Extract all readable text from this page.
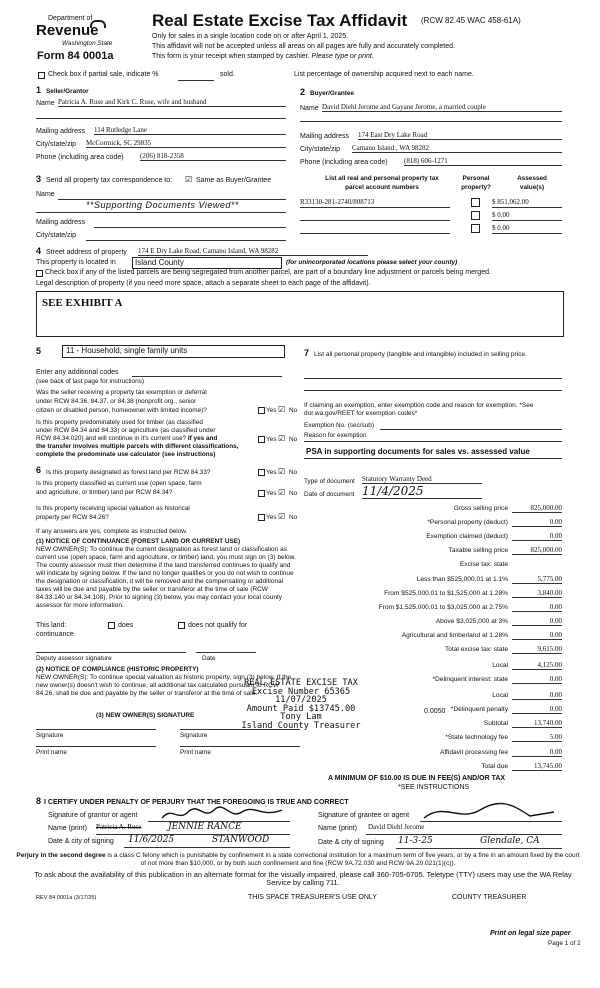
Department of
Revenue
Washington State
Form 84 0001a
Real Estate Excise Tax Affidavit (RCW 82.45 WAC 458-61A)
Only for sales in a single location code on or after April 1, 2025.
This affidavit will not be accepted unless all areas on all pages are fully and accurately completed.
This form is your receipt when stamped by cashier. Please type or print.
Check box if partial sale, indicate %	sold.	List percentage of ownership acquired next to each name.
1 Seller/Grantor
Name Patricia A. Ruse and Kirk C. Ruse, wife and husband
Mailing address 114 Rutledge Lane
City/state/zip McCormick, SC 29835
Phone (including area code) (206) 818-2358
2 Buyer/Grantee
Name David Diehl Jerome and Gayane Jerome, a married couple
Mailing address 174 East Dry Lake Road
City/state/zip Camano Island , WA 98282
Phone (including area code) (818) 606-1271
3 Send all property tax correspondence to: ☑ Same as Buyer/Grantee
Name
**Supporting Documents Viewed**
Mailing address
City/state/zip
List all real and personal property tax
parcel account numbers
Personal
property?
Assessed
value(s)
R33130-281-2740/808713	$ 851,062.00
$ 0.00
$ 0.00
4 Street address of property 174 E Dry Lake Road, Camano Island, WA 98282
This property is located in	Island County	(for unincorporated locations please select your county)
Check box if any of the listed parcels are being segregated from another parcel, are part of a boundary line adjustment or parcels being merged.
Legal description of property (if you need more space, attach a separate sheet to each page of the affidavit).
SEE EXHIBIT A
5	11 - Household, single family units
Enter any additional codes
(see back of last page for instructions)
Was the seller receiving a property tax exemption or deferral
under RCW 84.36, 84.37, or 84.38 (nonprofit org., senior
citizen or disabled person, homeowner with limited income)?	Yes ☑ No
Is this property predominately used for timber (as classified
under RCW 84.34 and 84.33) or agriculture (as classified under
RCW 84.34.020) and will continue in it's current use? If yes and
the transfer involves multiple parcels with different classifications,
complete the predominate use calculator (see instructions)
Yes ☑ No
6 Is this property designated as forest land per RCW 84.33?	Yes ☑ No
Is this property classified as current use (open space, farm
and agriculture, or timber) land per RCW 84.34?	Yes ☑ No
Is this property receiving special valuation as historical
property per RCW 84.26?	Yes ☑ No
If any answers are yes, complete as instructed below.
(1) NOTICE OF CONTINUANCE (FOREST LAND OR CURRENT USE)
NEW OWNER(S): To continue the current designation as forest land or classification as current use (open space, farm and agriculture, or timber) land, you must sign on (3) below. The county assessor must then determine if the land transferred continues to qualify and will indicate by signing below. If the land no longer qualifies or you do not wish to continue the designation or classification, it will be removed and the compensating or additional taxes will be due and payable by the seller or transferor at the time of sale (RCW 84.33.140 or 84.34.108). Prior to signing (3) below, you may contact your local county assessor for more information.
This land:	does	does not qualify for
continuance
Deputy assessor signature	Date
(2) NOTICE OF COMPLIANCE (HISTORIC PROPERTY)
NEW OWNER(S): To continue special valuation as historic property, sign (3) below. If the new owner(s) doesn't wish to continue, all additional tax calculated pursuant to RCW 84.26, shall be due and payable by the seller or transferor at the time of sale.
(3) NEW OWNER(S) SIGNATURE
Signature	Signature
Print name	Print name
7 List all personal property (tangible and intangible) included in selling price.
If claiming an exemption, enter exemption code and reason for exemption. *See dor.wa.gov/REET for exemption codes*
Exemption No. (sec/sub)
Reason for exemption
PSA in supporting documents for sales vs. assessed value
Type of document Statutory Warranty Deed
Date of document 11/4/2025
Gross selling price	825,000.00
*Personal property (deduct)	0.00
Exemption claimed (deduct)	0.00
Taxable selling price	825,000.00
Excise tax: state
Less than $525,000.01 at 1.1%	5,775.00
From $525,000.01 to $1,525,000 at 1.28%	3,840.00
From $1,525,000.01 to $3,025,000 at 2.75%	0.00
Above $3,025,000 at 3%	0.00
Agricultural and timberland at 1.28%	0.00
Total excise tax: state	9,615.00
Local	4,125.00
*Delinquent interest: state	0.00
Local	0.00
*Delinquent penalty	0.00
Subtotal	13,740.00
*State technology fee	5.00
Affidavit processing fee	0.00
Total due	13,745.00
0.0050
A MINIMUM OF $10.00 IS DUE IN FEE(S) AND/OR TAX
*SEE INSTRUCTIONS
REAL ESTATE EXCISE TAX
Excise Number 65365
11/07/2025
Amount Paid $13745.00
Tony Lam
Island County Treasurer
8 I CERTIFY UNDER PENALTY OF PERJURY THAT THE FOREGOING IS TRUE AND CORRECT
Signature of grantor or agent
Name (print) Patricia A. Ruse	JENNIE RANCE
Date & city of signing 11/6/2025	STANWOOD
Signature of grantee or agent
Name (print) David Diehl Jerome
Date & city of signing 11-3-25	Glendale, CA
Perjury in the second degree is a class C felony which is punishable by confinement in a state correctional institution for a maximum term of five years, or by a fine in an amount fixed by the court of not more than $10,000, or by both such confinement and fine (RCW 9A.72.030 and RCW 9A.20.021(1)(c)).
To ask about the availability of this publication in an alternate format for the visually impaired, please call 360-705-6705. Teletype (TTY) users may use the WA Relay Service by calling 711.
REV 84 0001a (3/17/25)	THIS SPACE TREASURER'S USE ONLY	COUNTY TREASURER
Print on legal size paper
Page 1 of 2
